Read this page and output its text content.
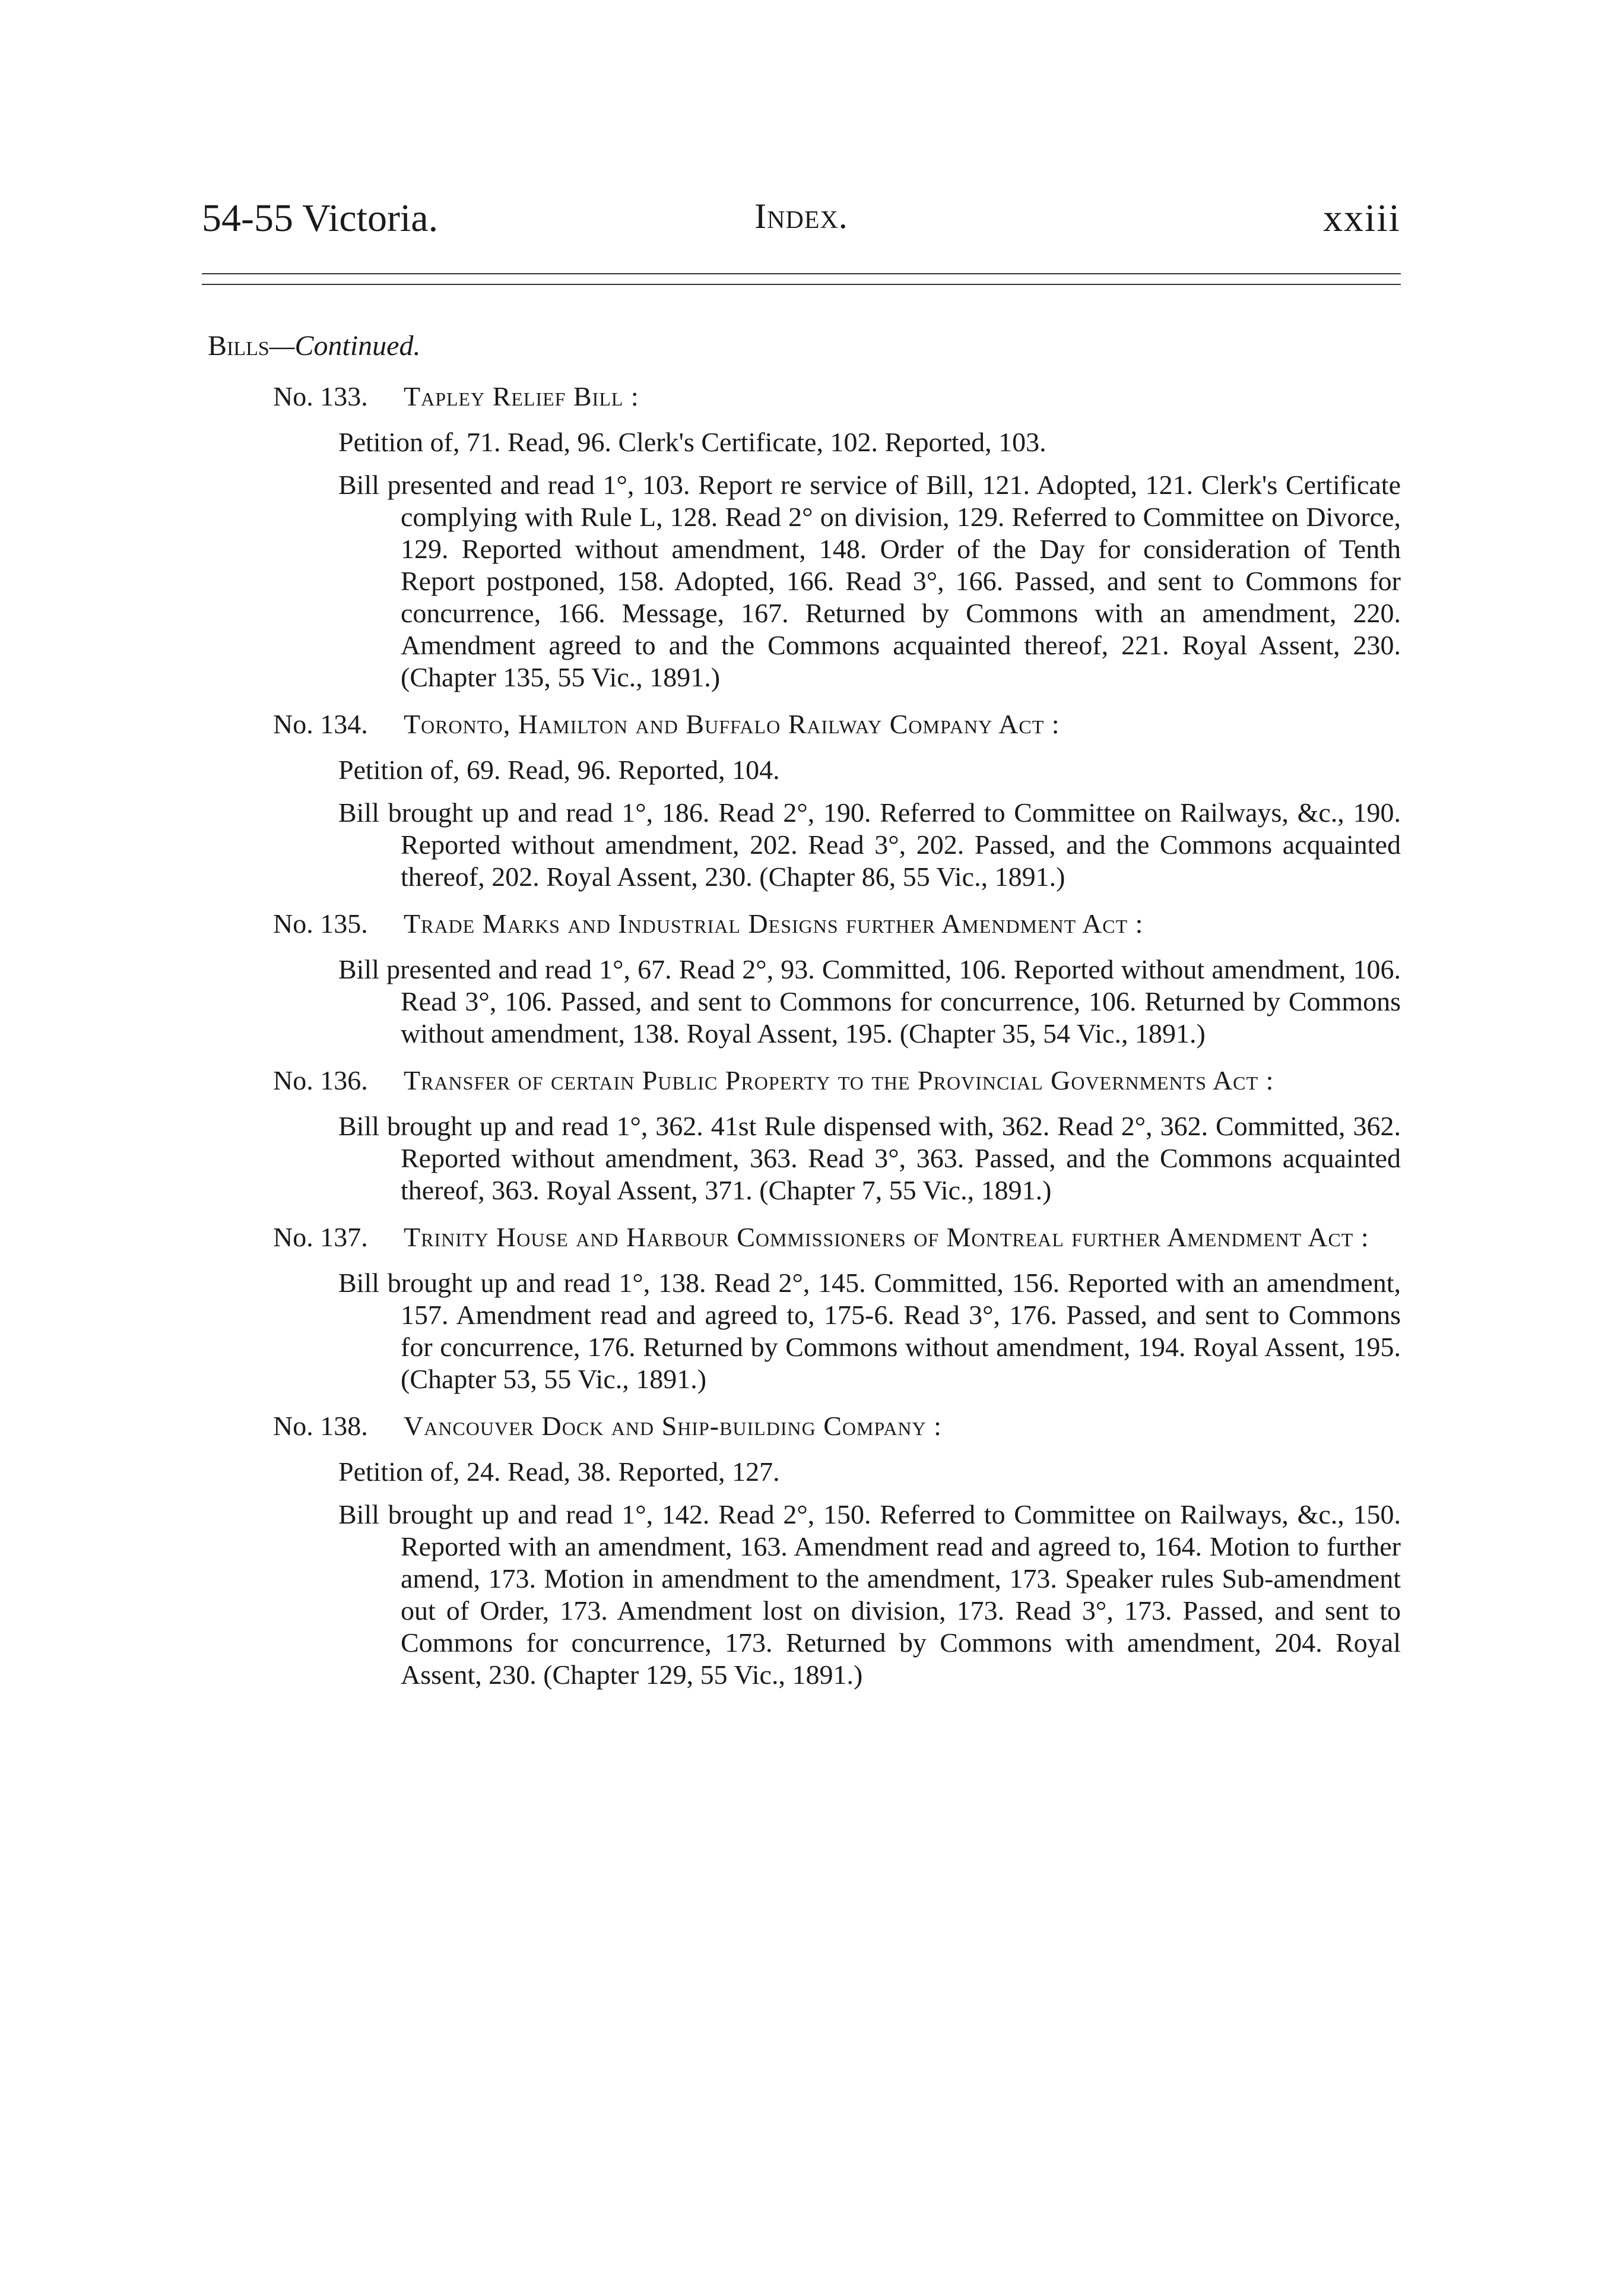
54-55 Victoria.	Index.	xxiii
Bills—Continued.
No. 133. Tapley Relief Bill :
Petition of, 71. Read, 96. Clerk's Certificate, 102. Reported, 103.
Bill presented and read 1°, 103. Report re service of Bill, 121. Adopted, 121. Clerk's Certificate complying with Rule L, 128. Read 2° on division, 129. Referred to Committee on Divorce, 129. Reported without amendment, 148. Order of the Day for consideration of Tenth Report postponed, 158. Adopted, 166. Read 3°, 166. Passed, and sent to Commons for concurrence, 166. Message, 167. Returned by Commons with an amendment, 220. Amendment agreed to and the Commons acquainted thereof, 221. Royal Assent, 230. (Chapter 135, 55 Vic., 1891.)
No. 134. Toronto, Hamilton and Buffalo Railway Company Act :
Petition of, 69. Read, 96. Reported, 104.
Bill brought up and read 1°, 186. Read 2°, 190. Referred to Committee on Railways, &c., 190. Reported without amendment, 202. Read 3°, 202. Passed, and the Commons acquainted thereof, 202. Royal Assent, 230. (Chapter 86, 55 Vic., 1891.)
No. 135. Trade Marks and Industrial Designs further Amendment Act :
Bill presented and read 1°, 67. Read 2°, 93. Committed, 106. Reported without amendment, 106. Read 3°, 106. Passed, and sent to Commons for concurrence, 106. Returned by Commons without amendment, 138. Royal Assent, 195. (Chapter 35, 54 Vic., 1891.)
No. 136. Transfer of certain Public Property to the Provincial Governments Act :
Bill brought up and read 1°, 362. 41st Rule dispensed with, 362. Read 2°, 362. Committed, 362. Reported without amendment, 363. Read 3°, 363. Passed, and the Commons acquainted thereof, 363. Royal Assent, 371. (Chapter 7, 55 Vic., 1891.)
No. 137. Trinity House and Harbour Commissioners of Montreal further Amendment Act :
Bill brought up and read 1°, 138. Read 2°, 145. Committed, 156. Reported with an amendment, 157. Amendment read and agreed to, 175-6. Read 3°, 176. Passed, and sent to Commons for concurrence, 176. Returned by Commons without amendment, 194. Royal Assent, 195. (Chapter 53, 55 Vic., 1891.)
No. 138. Vancouver Dock and Ship-building Company :
Petition of, 24. Read, 38. Reported, 127.
Bill brought up and read 1°, 142. Read 2°, 150. Referred to Committee on Railways, &c., 150. Reported with an amendment, 163. Amendment read and agreed to, 164. Motion to further amend, 173. Motion in amendment to the amendment, 173. Speaker rules Sub-amendment out of Order, 173. Amendment lost on division, 173. Read 3°, 173. Passed, and sent to Commons for concurrence, 173. Returned by Commons with amendment, 204. Royal Assent, 230. (Chapter 129, 55 Vic., 1891.)
